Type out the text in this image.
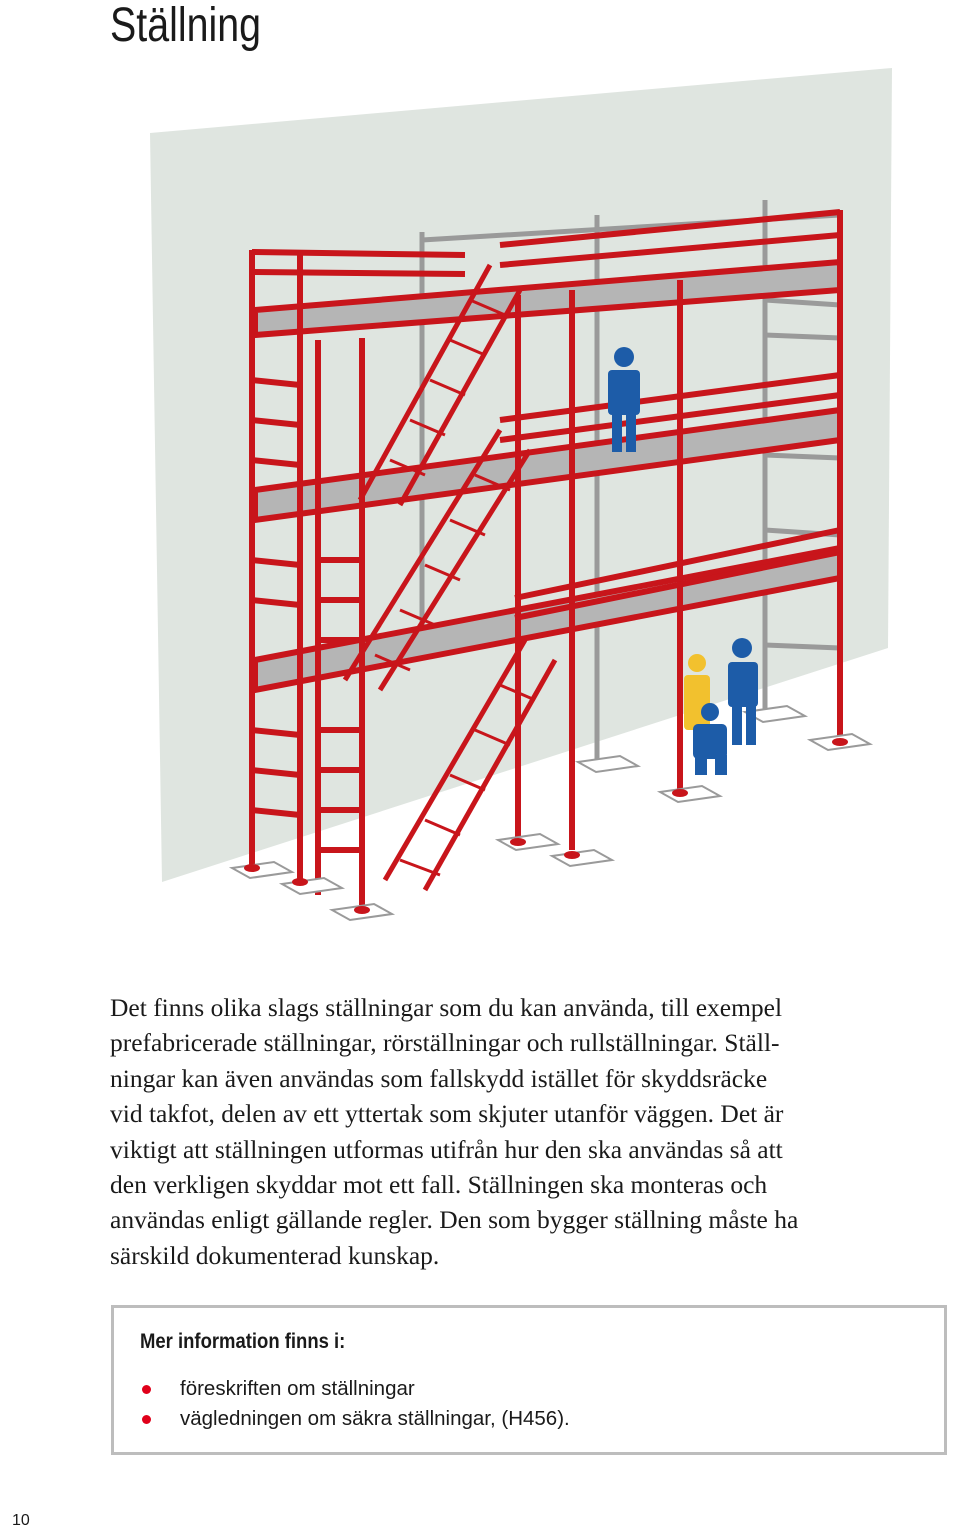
Ställning
Det finns olika slags ställningar som du kan använda, till exempel
prefabricerade ställningar, rörställningar och rullställningar. Ställ-
ningar kan även användas som fallskydd istället för skyddsräcke
vid takfot, delen av ett yttertak som skjuter utanför väggen. Det är
viktigt att ställningen utformas utifrån hur den ska användas så att
den verkligen skyddar mot ett fall. Ställningen ska monteras och
användas enligt gällande regler. Den som bygger ställning måste ha
särskild dokumenterad kunskap.
Mer information finns i:
föreskriften om ställningar
vägledningen om säkra ställningar, (H456).
10
